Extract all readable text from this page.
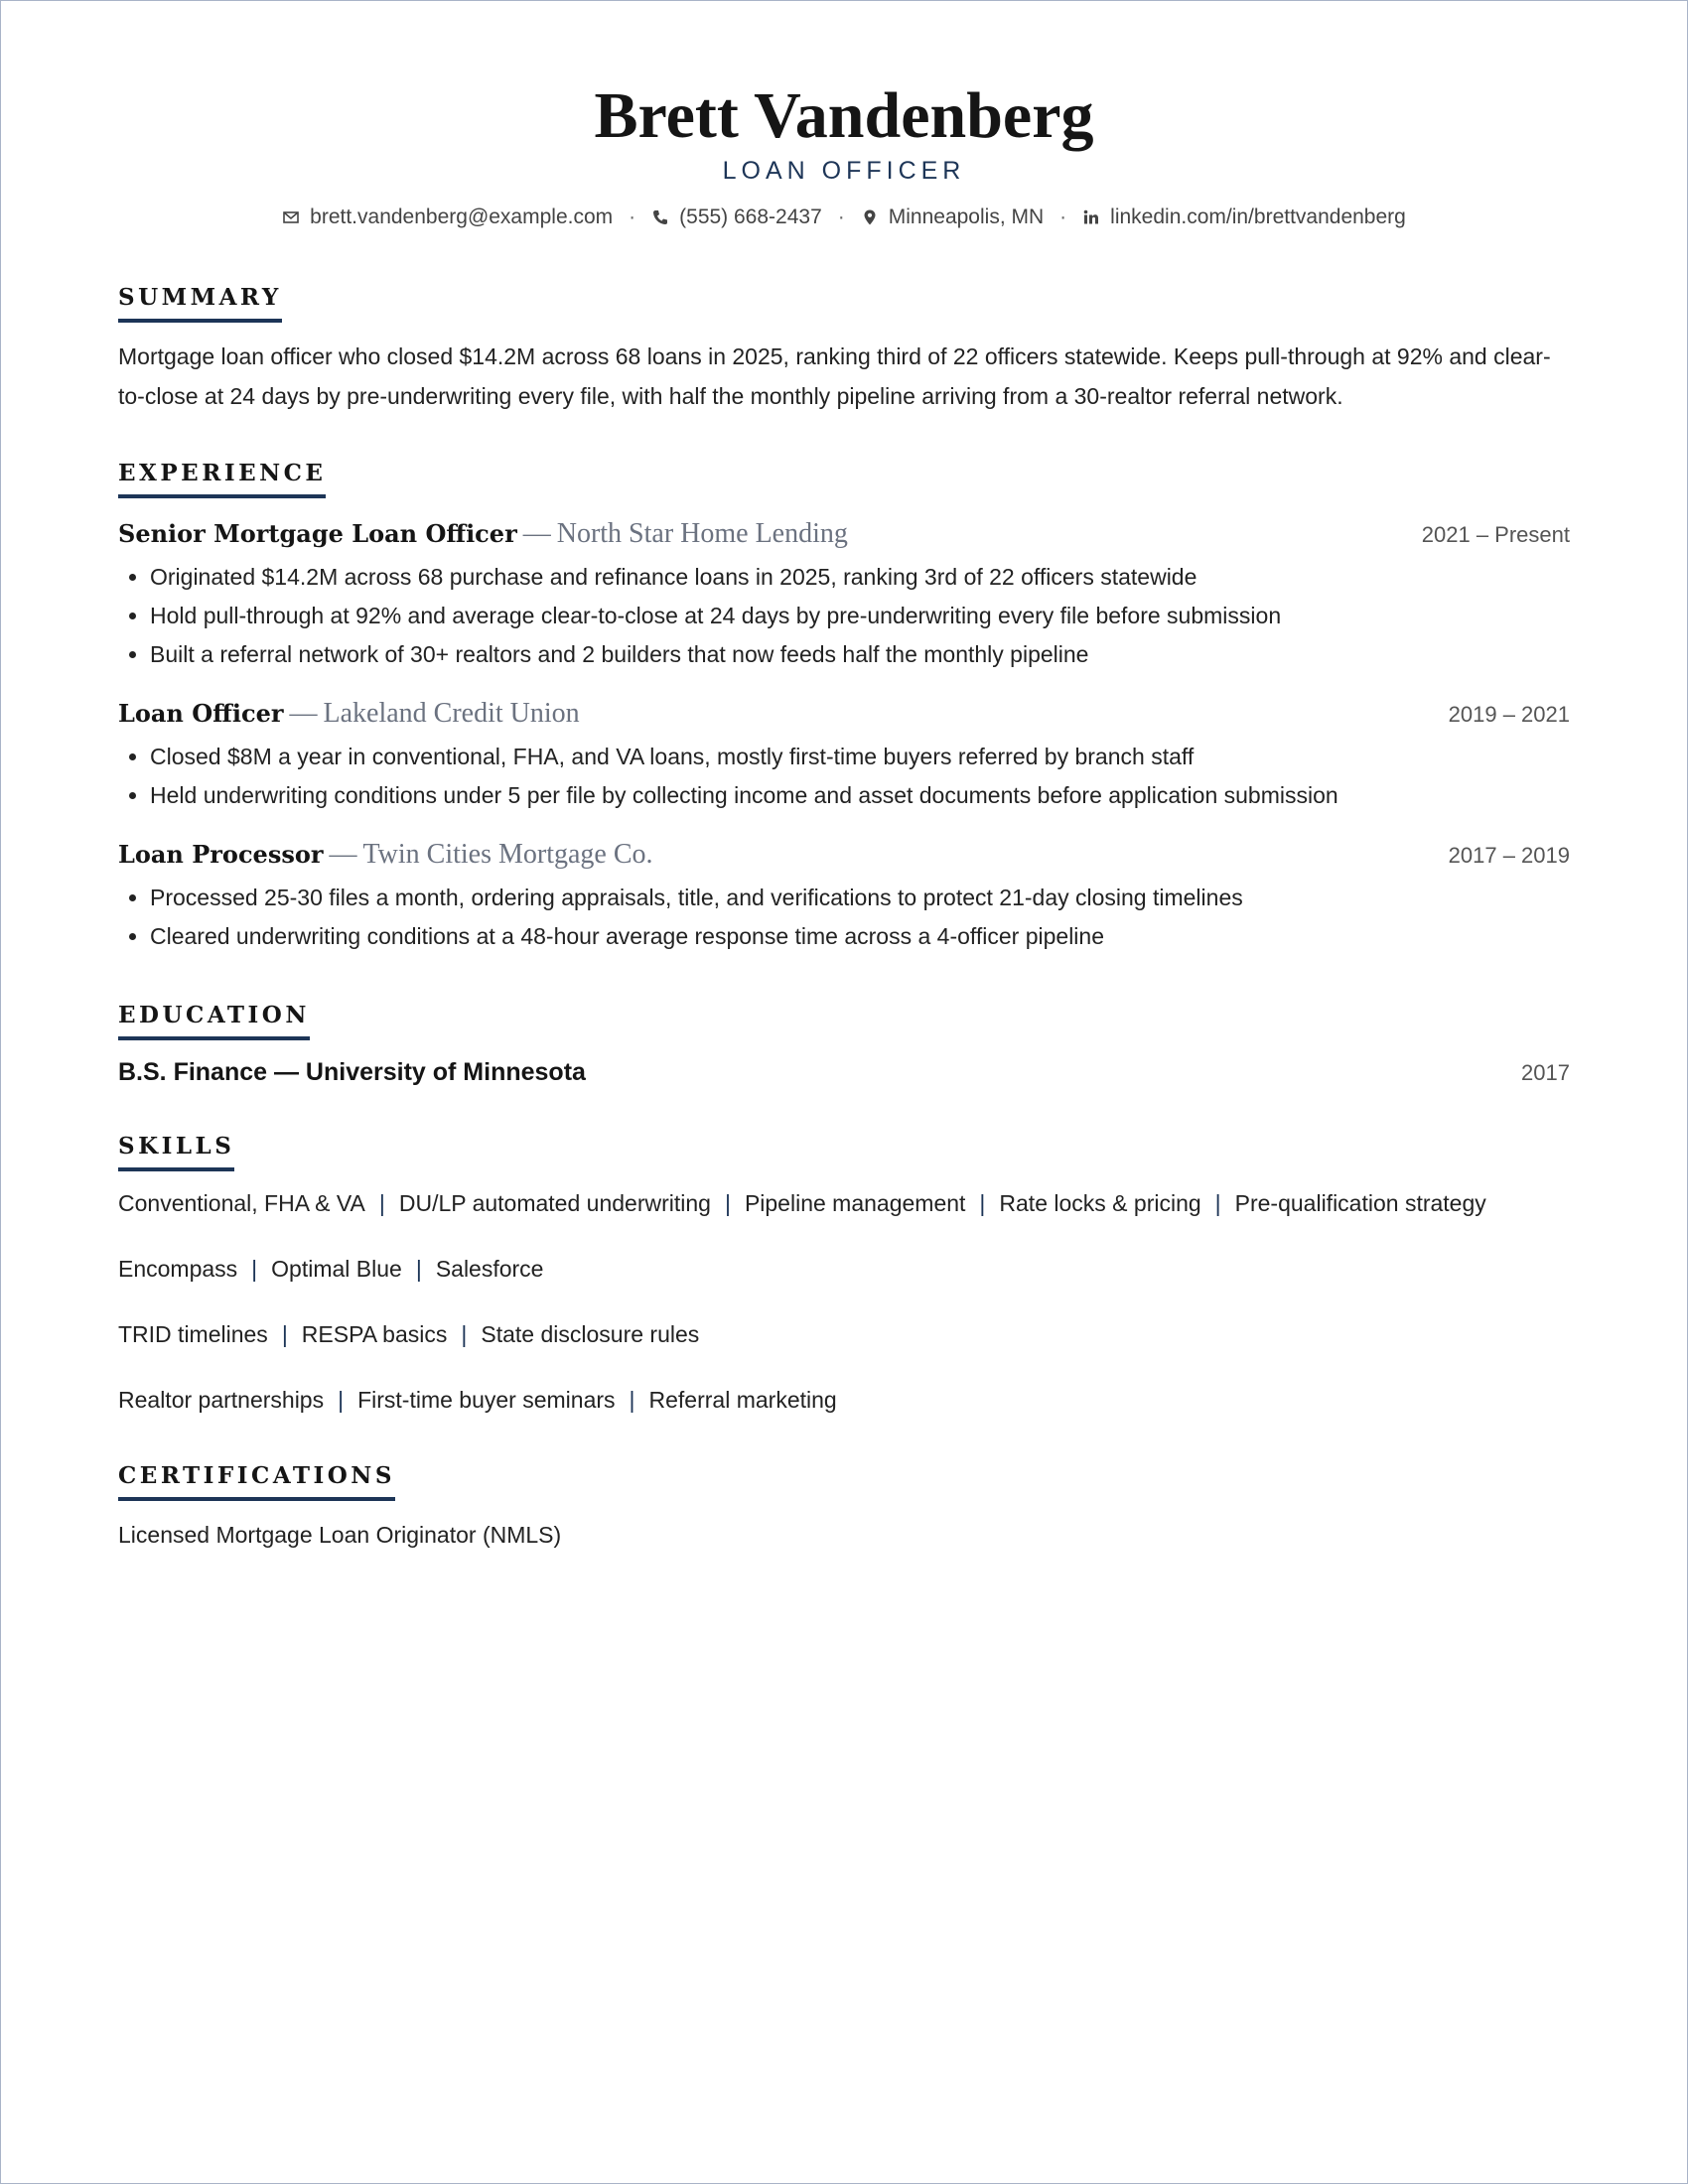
Brett Vandenberg
LOAN OFFICER
brett.vandenberg@example.com · (555) 668-2437 · Minneapolis, MN · linkedin.com/in/brettvandenberg
SUMMARY
Mortgage loan officer who closed $14.2M across 68 loans in 2025, ranking third of 22 officers statewide. Keeps pull-through at 92% and clear-to-close at 24 days by pre-underwriting every file, with half the monthly pipeline arriving from a 30-realtor referral network.
EXPERIENCE
Senior Mortgage Loan Officer — North Star Home Lending	2021 – Present
• Originated $14.2M across 68 purchase and refinance loans in 2025, ranking 3rd of 22 officers statewide
• Hold pull-through at 92% and average clear-to-close at 24 days by pre-underwriting every file before submission
• Built a referral network of 30+ realtors and 2 builders that now feeds half the monthly pipeline
Loan Officer — Lakeland Credit Union	2019 – 2021
• Closed $8M a year in conventional, FHA, and VA loans, mostly first-time buyers referred by branch staff
• Held underwriting conditions under 5 per file by collecting income and asset documents before application submission
Loan Processor — Twin Cities Mortgage Co.	2017 – 2019
• Processed 25-30 files a month, ordering appraisals, title, and verifications to protect 21-day closing timelines
• Cleared underwriting conditions at a 48-hour average response time across a 4-officer pipeline
EDUCATION
B.S. Finance — University of Minnesota	2017
SKILLS
Conventional, FHA & VA | DU/LP automated underwriting | Pipeline management | Rate locks & pricing | Pre-qualification strategy
Encompass | Optimal Blue | Salesforce
TRID timelines | RESPA basics | State disclosure rules
Realtor partnerships | First-time buyer seminars | Referral marketing
CERTIFICATIONS
Licensed Mortgage Loan Originator (NMLS)
